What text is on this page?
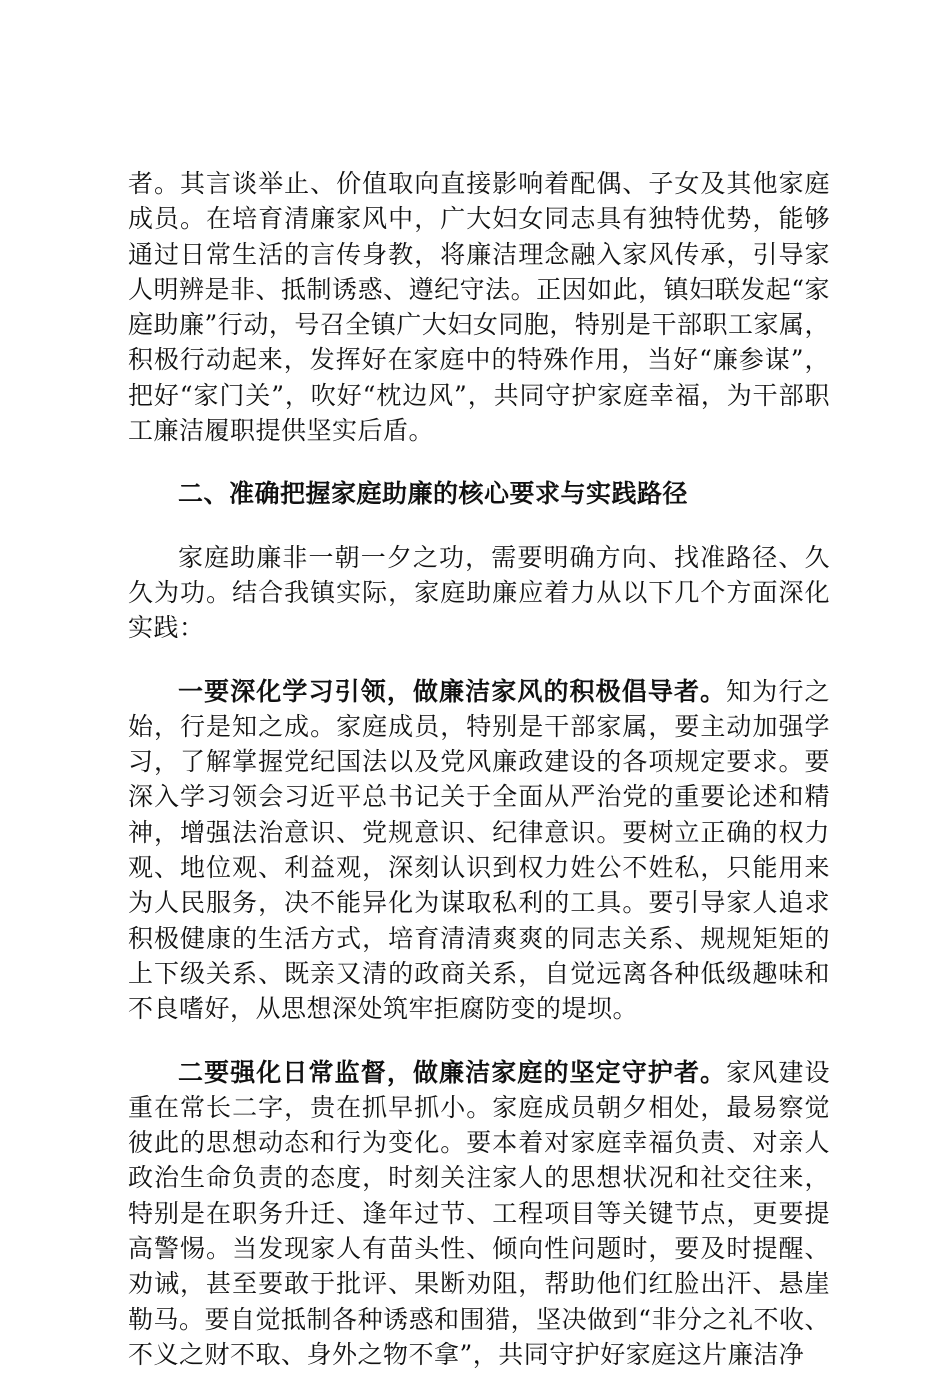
者。其言谈举止、价值取向直接影响着配偶、子女及其他家庭成员。在培育清廉家风中，广大妇女同志具有独特优势，能够通过日常生活的言传身教，将廉洁理念融入家风传承，引导家人明辨是非、抵制诱惑、遵纪守法。正因如此，镇妇联发起“家庭助廉”行动，号召全镇广大妇女同胞，特别是干部职工家属，积极行动起来，发挥好在家庭中的特殊作用，当好“廉参谋”，把好“家门关”，吹好“枕边风”，共同守护家庭幸福，为干部职工廉洁履职提供坚实后盾。

二、准确把握家庭助廉的核心要求与实践路径

家庭助廉非一朝一夕之功，需要明确方向、找准路径、久久为功。结合我镇实际，家庭助廉应着力从以下几个方面深化实践：

一要深化学习引领，做廉洁家风的积极倡导者。知为行之始，行是知之成。家庭成员，特别是干部家属，要主动加强学习，了解掌握党纪国法以及党风廉政建设的各项规定要求。要深入学习领会习近平总书记关于全面从严治党的重要论述和精神，增强法治意识、党规意识、纪律意识。要树立正确的权力观、地位观、利益观，深刻认识到权力姓公不姓私，只能用来为人民服务，决不能异化为谋取私利的工具。要引导家人追求积极健康的生活方式，培育清清爽爽的同志关系、规规矩矩的上下级关系、既亲又清的政商关系，自觉远离各种低级趣味和不良嗜好，从思想深处筑牢拒腐防变的堤坝。

二要强化日常监督，做廉洁家庭的坚定守护者。家风建设重在常长二字，贵在抓早抓小。家庭成员朝夕相处，最易察觉彼此的思想动态和行为变化。要本着对家庭幸福负责、对亲人政治生命负责的态度，时刻关注家人的思想状况和社交往来，特别是在职务升迁、逢年过节、工程项目等关键节点，更要提高警惕。当发现家人有苗头性、倾向性问题时，要及时提醒、劝诫，甚至要敢于批评、果断劝阻，帮助他们红脸出汗、悬崖勒马。要自觉抵制各种诱惑和围猎，坚决做到“非分之礼不收、不义之财不取、身外之物不拿”，共同守护好家庭这片廉洁净
